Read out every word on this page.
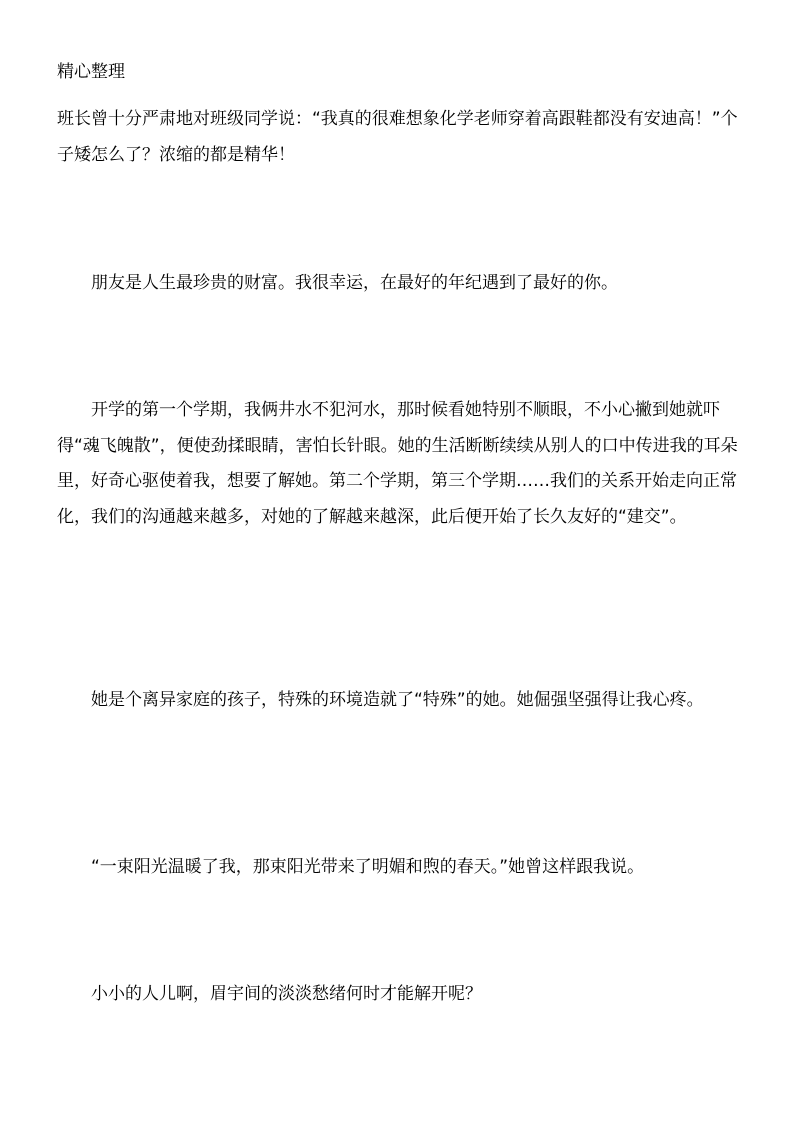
精心整理

班长曾十分严肃地对班级同学说：“我真的很难想象化学老师穿着高跟鞋都没有安迪高！”个子矮怎么了？浓缩的都是精华！

朋友是人生最珍贵的财富。我很幸运，在最好的年纪遇到了最好的你。

开学的第一个学期，我俩井水不犯河水，那时候看她特别不顺眼，不小心撇到她就吓得“魂飞魄散”，便使劲揉眼睛，害怕长针眼。她的生活断断续续从别人的口中传进我的耳朵里，好奇心驱使着我，想要了解她。第二个学期，第三个学期……我们的关系开始走向正常化，我们的沟通越来越多，对她的了解越来越深，此后便开始了长久友好的“建交”。

她是个离异家庭的孩子，特殊的环境造就了“特殊”的她。她倔强坚强得让我心疼。

“一束阳光温暖了我，那束阳光带来了明媚和煦的春天。”她曾这样跟我说。

小小的人儿啊，眉宇间的淡淡愁绪何时才能解开呢？
